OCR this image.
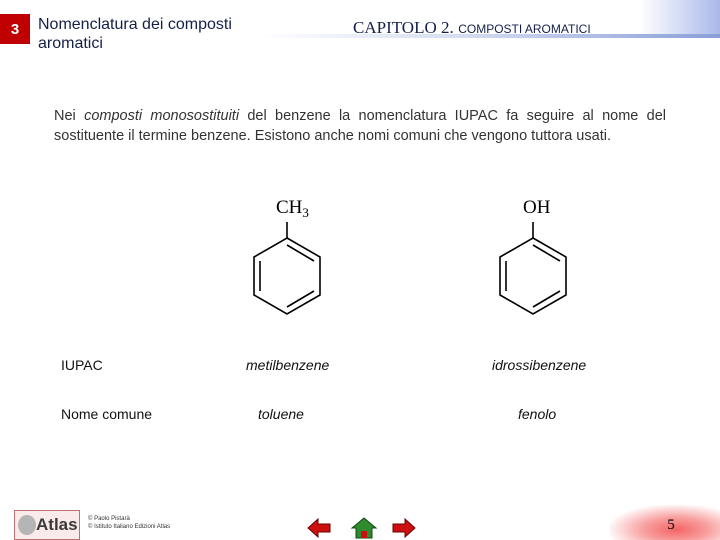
3	Nomenclatura dei composti aromatici
CAPITOLO 2. COMPOSTI AROMATICI
Nei composti monosostituiti del benzene la nomenclatura IUPAC fa seguire al nome del sostituente il termine benzene. Esistono anche nomi comuni che vengono tuttora usati.
$CH_3$	OH
IUPAC	metilbenzene	idrossibenzene
Nome comune	toluene	fenolo
Atlas © Paolo Pistarà
© Istituto Italiano Edizioni Atlas	5
